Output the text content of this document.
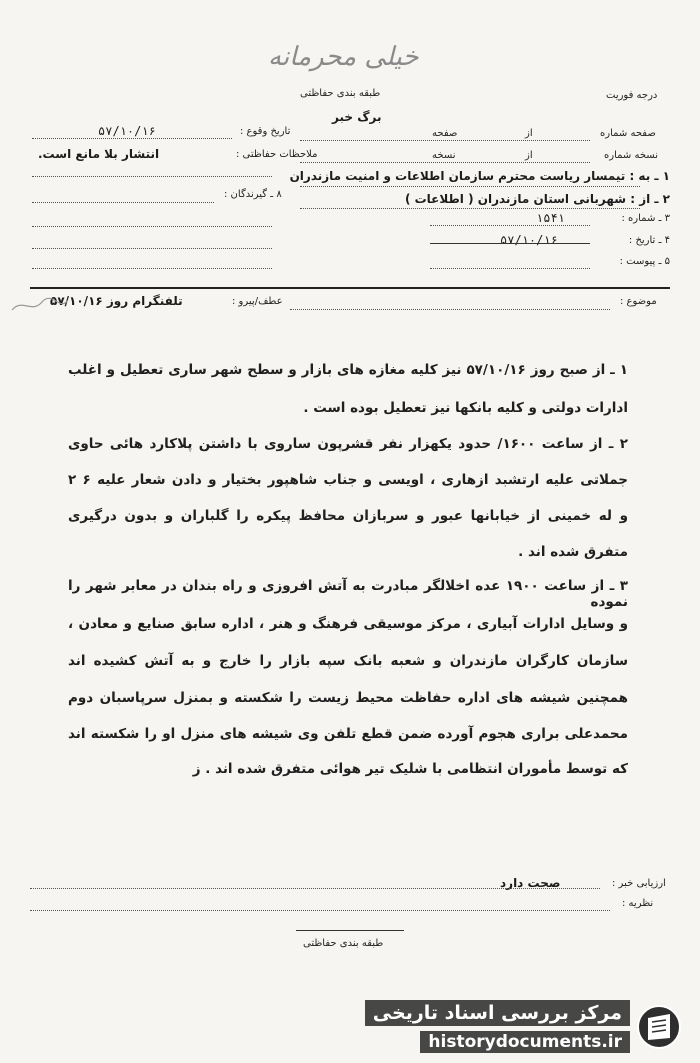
خیلی محرمانه
طبقه بندی حفاظتی
برگ خبر
درجه فوریت
تاریخ وقوع :
۵۷/۱۰/۱۶
ملاحظات حفاظتی :
انتشار بلا مانع است.
۸ ـ گیرندگان :
صفحه شماره
از
صفحه
نسخه شماره
از
نسخه
۱ ـ به : تیمسار ریاست محترم سازمان اطلاعات و امنیت مازندران
۲ ـ از : شهربانی استان مازندران ( اطلاعات )
۳ ـ شماره :
۱۵۴۱
۴ ـ تاریخ :
۵۷/۱۰/۱۶
۵ ـ پیوست :
موضوع :
عطف/پیرو :
تلفنگرام روز ۵۷/۱۰/۱۶
۱ ـ از صبح روز ۵۷/۱۰/۱۶ نیز کلیه مغازه های بازار و سطح شهر ساری تعطیل و اغلب
ادارات دولتی و کلیه بانکها نیز تعطیل بوده است .
۲ ـ از ساعت ۱۶۰۰/ حدود یکهزار نفر قشرپون ساروی با داشتن پلاکارد هائی حاوی
جملاتی علیه ارتشبد ازهاری ، اویسی و جناب شاهپور بختیار و دادن شعار علیه ۶ ۲
و له خمینی از خیابانها عبور و سربازان محافظ پیکره را گلباران و بدون درگیری
متفرق شده اند .
۳ ـ از ساعت ۱۹۰۰ عده اخلالگر مبادرت به آتش افروزی و راه بندان در معابر شهر را نموده
و وسایل ادارات آبیاری ، مرکز موسیقی فرهنگ و هنر ، اداره سابق صنایع و معادن ،
سازمان کارگران مازندران و شعبه بانک سپه بازار را خارج و به آتش کشیده اند
همچنین شیشه های اداره حفاظت محیط زیست را شکسته و بمنزل سرپاسبان دوم
محمدعلی براری هجوم آورده ضمن قطع تلفن وی شیشه های منزل او را شکسته اند
که توسط مأموران انتظامی با شلیک تیر هوائی متفرق شده اند . ز
ارزیابی خبر :
صحت دارد
نظریه :
طبقه بندی حفاظتی
مرکز بررسی اسناد تاریخی
historydocuments.ir
